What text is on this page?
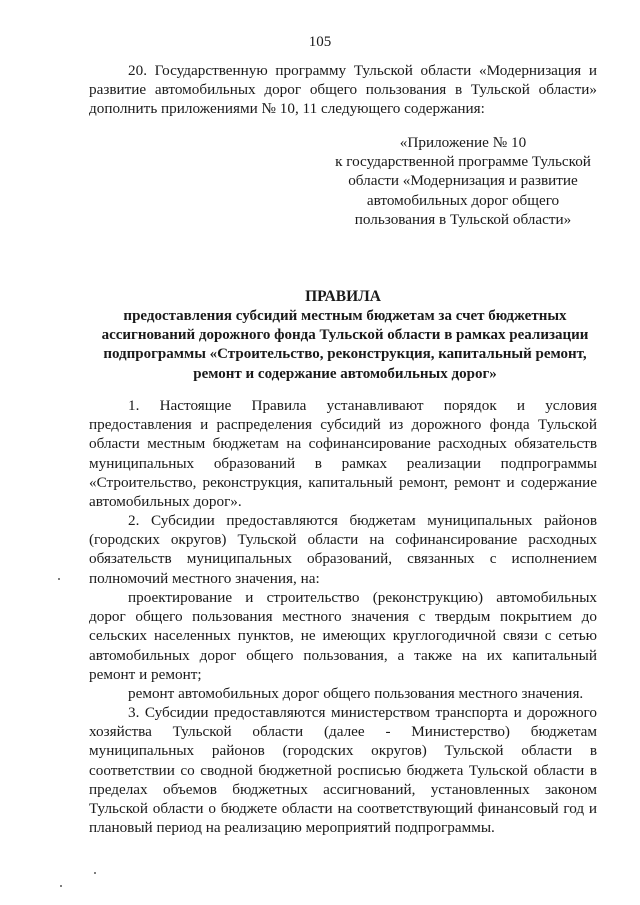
105
20. Государственную программу Тульской области «Модернизация и развитие автомобильных дорог общего пользования в Тульской области» дополнить приложениями № 10, 11 следующего содержания:
«Приложение № 10
к государственной программе Тульской
области «Модернизация и развитие
автомобильных дорог общего
пользования в Тульской области»
ПРАВИЛА
предоставления субсидий местным бюджетам за счет бюджетных
ассигнований дорожного фонда Тульской области в рамках реализации
подпрограммы «Строительство, реконструкция, капитальный ремонт,
ремонт и содержание автомобильных дорог»
1. Настоящие Правила устанавливают порядок и условия предоставления и распределения субсидий из дорожного фонда Тульской области местным бюджетам на софинансирование расходных обязательств муниципальных образований в рамках реализации подпрограммы «Строительство, реконструкция, капитальный ремонт, ремонт и содержание автомобильных дорог».
2. Субсидии предоставляются бюджетам муниципальных районов (городских округов) Тульской области на софинансирование расходных обязательств муниципальных образований, связанных с исполнением полномочий местного значения, на:
проектирование и строительство (реконструкцию) автомобильных дорог общего пользования местного значения с твердым покрытием до сельских населенных пунктов, не имеющих круглогодичной связи с сетью автомобильных дорог общего пользования, а также на их капитальный ремонт и ремонт;
ремонт автомобильных дорог общего пользования местного значения.
3. Субсидии предоставляются министерством транспорта и дорожного хозяйства Тульской области (далее - Министерство) бюджетам муниципальных районов (городских округов) Тульской области в соответствии со сводной бюджетной росписью бюджета Тульской области в пределах объемов бюджетных ассигнований, установленных законом Тульской области о бюджете области на соответствующий финансовый год и плановый период на реализацию мероприятий подпрограммы.
